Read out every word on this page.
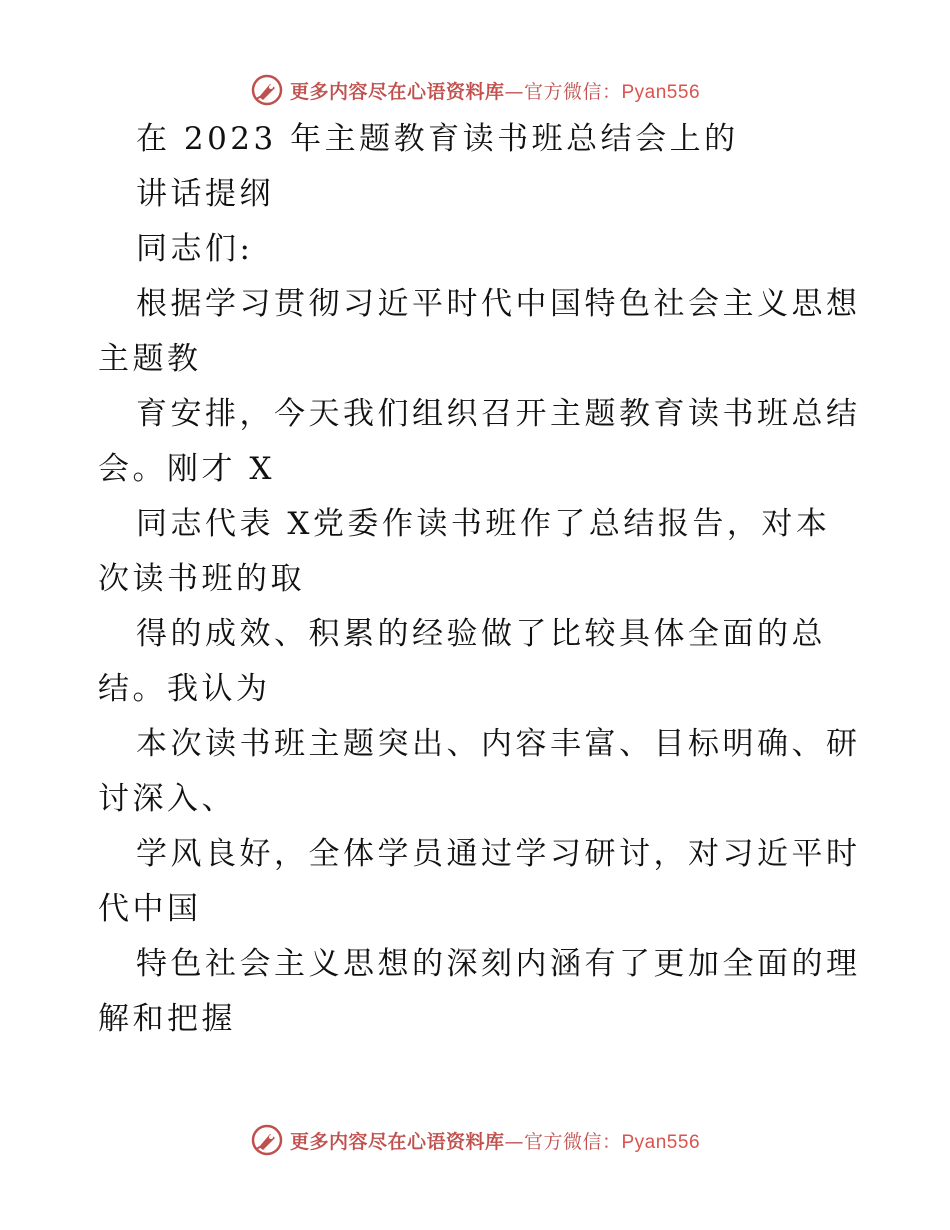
更多内容尽在心语资料库—官方微信：Pyan556

在 2023 年主题教育读书班总结会上的

讲话提纲

同志们:

根据学习贯彻习近平时代中国特色社会主义思想

主题教

育安排，今天我们组织召开主题教育读书班总结

会。刚才 X

同志代表 X党委作读书班作了总结报告，对本

次读书班的取

得的成效、积累的经验做了比较具体全面的总

结。我认为

本次读书班主题突出、内容丰富、目标明确、研

讨深入、

学风良好，全体学员通过学习研讨，对习近平时

代中国

特色社会主义思想的深刻内涵有了更加全面的理

解和把握

更多内容尽在心语资料库—官方微信：Pyan556
